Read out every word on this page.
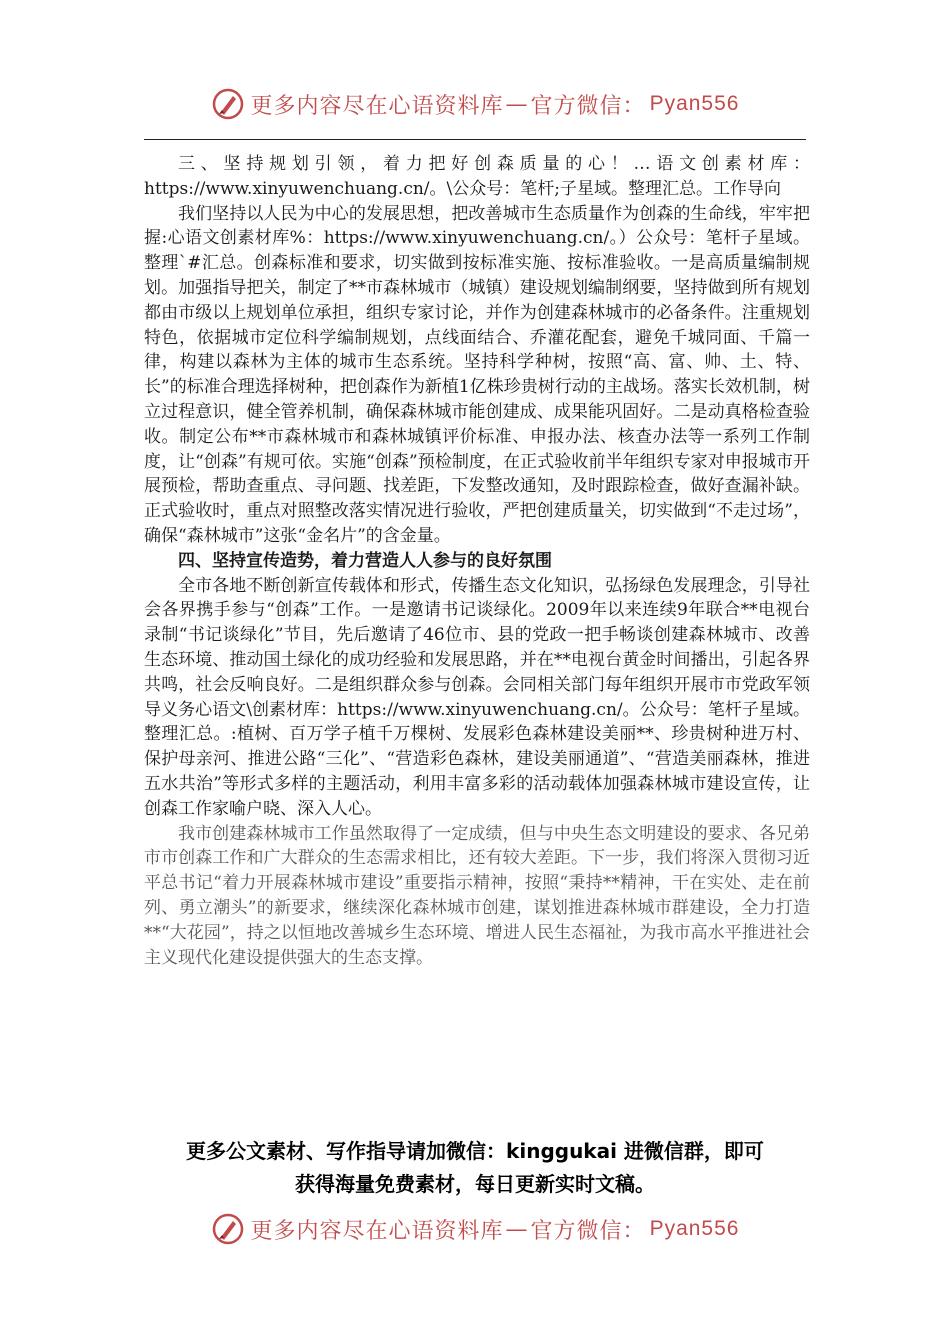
更多内容尽在心语资料库 — 官方微信： Pyan556

三、坚持规划引领，着力把好创森质量的心！…语文创素材库：https://www.xinyuwenchuang.cn/。\公众号：笔杆;子星域。整理汇总。工作导向

我们坚持以人民为中心的发展思想，把改善城市生态质量作为创森的生命线，牢牢把握:心语文创素材库%：https://www.xinyuwenchuang.cn/。）公众号：笔杆子星域。整理`#汇总。创森标准和要求，切实做到按标准实施、按标准验收。一是高质量编制规划。加强指导把关，制定了**市森林城市（城镇）建设规划编制纲要，坚持做到所有规划都由市级以上规划单位承担，组织专家讨论，并作为创建森林城市的必备条件。注重规划特色，依据城市定位科学编制规划，点线面结合、乔灌花配套，避免千城同面、千篇一律，构建以森林为主体的城市生态系统。坚持科学种树，按照“高、富、帅、土、特、长”的标准合理选择树种，把创森作为新植1亿株珍贵树行动的主战场。落实长效机制，树立过程意识，健全管养机制，确保森林城市能创建成、成果能巩固好。二是动真格检查验收。制定公布**市森林城市和森林城镇评价标准、申报办法、核查办法等一系列工作制度，让“创森”有规可依。实施“创森”预检制度，在正式验收前半年组织专家对申报城市开展预检，帮助查重点、寻问题、找差距，下发整改通知，及时跟踪检查，做好查漏补缺。正式验收时，重点对照整改落实情况进行验收，严把创建质量关，切实做到“不走过场”，确保“森林城市”这张“金名片”的含金量。

四、坚持宣传造势，着力营造人人参与的良好氛围

全市各地不断创新宣传载体和形式，传播生态文化知识，弘扬绿色发展理念，引导社会各界携手参与“创森”工作。一是邀请书记谈绿化。2009年以来连续9年联合**电视台录制“书记谈绿化”节目，先后邀请了46位市、县的党政一把手畅谈创建森林城市、改善生态环境、推动国土绿化的成功经验和发展思路，并在**电视台黄金时间播出，引起各界共鸣，社会反响良好。二是组织群众参与创森。会同相关部门每年组织开展市市党政军领导义务心语文\创素材库：https://www.xinyuwenchuang.cn/。公众号：笔杆子星域。整理汇总。:植树、百万学子植千万棵树、发展彩色森林建设美丽**、珍贵树种进万村、保护母亲河、推进公路“三化”、“营造彩色森林，建设美丽通道”、“营造美丽森林，推进五水共治”等形式多样的主题活动，利用丰富多彩的活动载体加强森林城市建设宣传，让创森工作家喻户晓、深入人心。

我市创建森林城市工作虽然取得了一定成绩，但与中央生态文明建设的要求、各兄弟市市创森工作和广大群众的生态需求相比，还有较大差距。下一步，我们将深入贯彻习近平总书记“着力开展森林城市建设”重要指示精神，按照“秉持**精神，干在实处、走在前列、勇立潮头”的新要求，继续深化森林城市创建，谋划推进森林城市群建设，全力打造**“大花园”，持之以恒地改善城乡生态环境、增进人民生态福祉，为我市高水平推进社会主义现代化建设提供强大的生态支撑。

更多公文素材、写作指导请加微信：kinggukai 进微信群，即可
获得海量免费素材，每日更新实时文稿。
更多内容尽在心语资料库 — 官方微信： Pyan556
